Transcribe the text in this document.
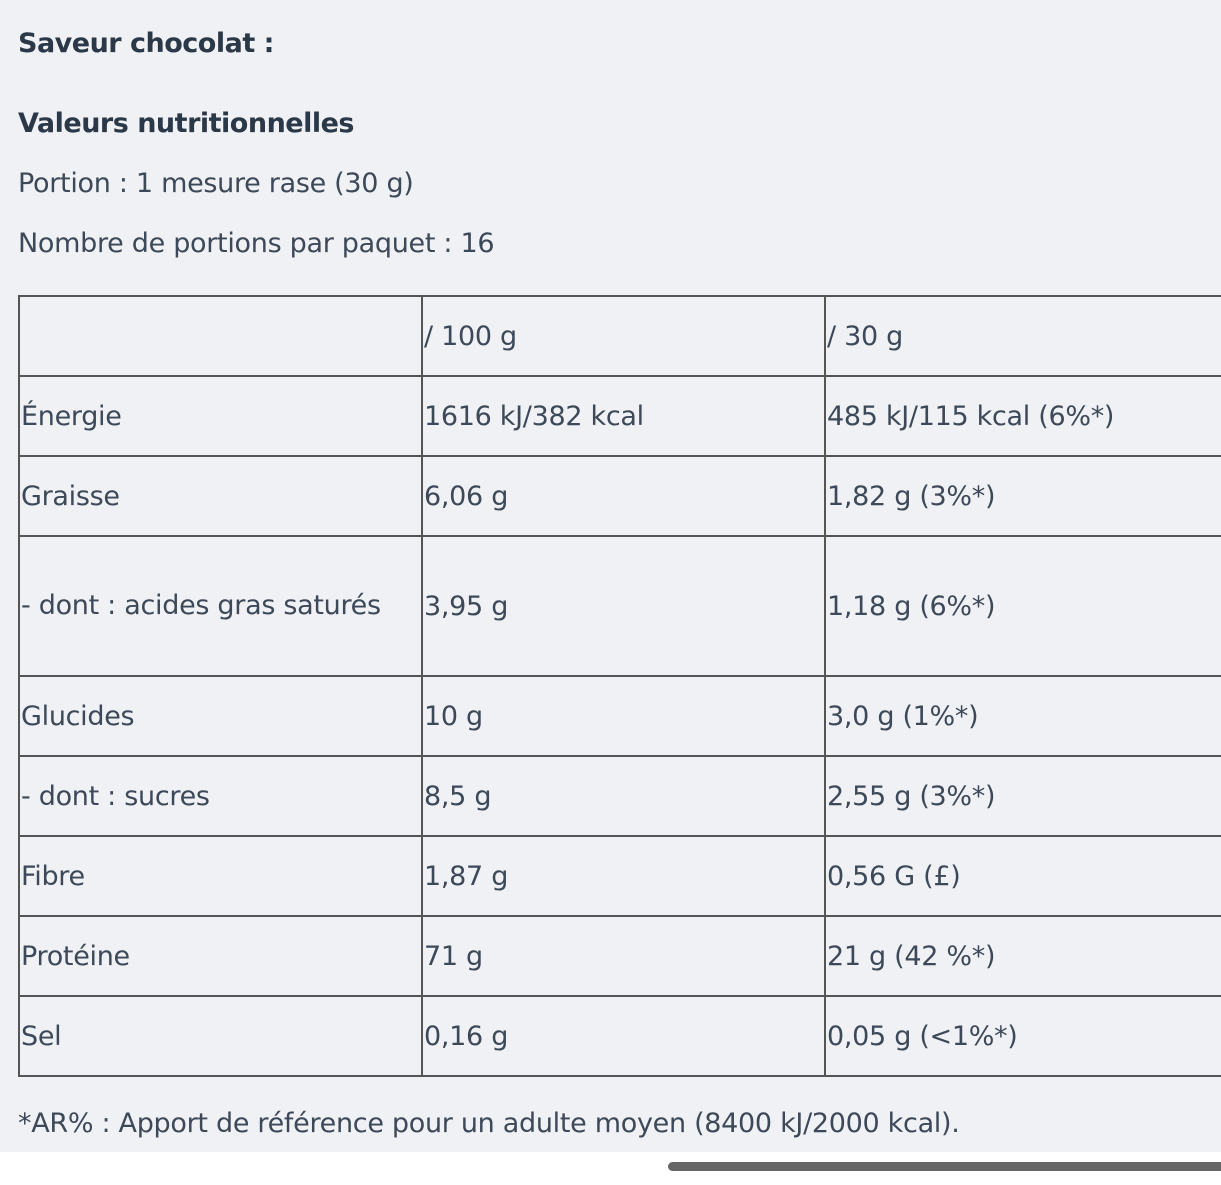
Saveur chocolat :
Valeurs nutritionnelles
Portion : 1 mesure rase (30 g)
Nombre de portions par paquet : 16
	/ 100 g	/ 30 g
Énergie	1616 kJ/382 kcal	485 kJ/115 kcal (6%*)
Graisse	6,06 g	1,82 g (3%*)
- dont : acides gras saturés	3,95 g	1,18 g (6%*)
Glucides	10 g	3,0 g (1%*)
- dont : sucres	8,5 g	2,55 g (3%*)
Fibre	1,87 g	0,56 G (£)
Protéine	71 g	21 g (42 %*)
Sel	0,16 g	0,05 g (<1%*)
*AR% : Apport de référence pour un adulte moyen (8400 kJ/2000 kcal).
